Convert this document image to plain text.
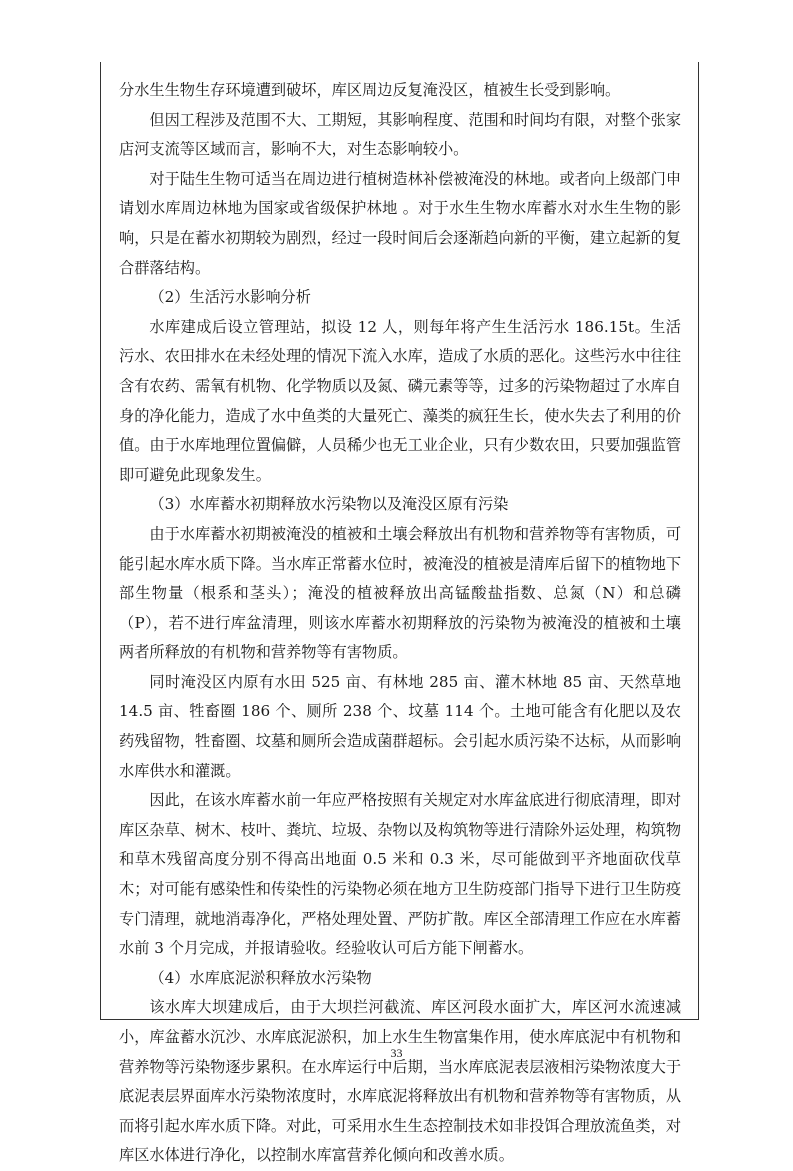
分水生生物生存环境遭到破坏，库区周边反复淹没区，植被生长受到影响。

但因工程涉及范围不大、工期短，其影响程度、范围和时间均有限，对整个张家店河支流等区域而言，影响不大，对生态影响较小。

对于陆生生物可适当在周边进行植树造林补偿被淹没的林地。或者向上级部门申请划水库周边林地为国家或省级保护林地 。对于水生生物水库蓄水对水生生物的影响，只是在蓄水初期较为剧烈，经过一段时间后会逐渐趋向新的平衡，建立起新的复合群落结构。

（2）生活污水影响分析

水库建成后设立管理站，拟设 12 人，则每年将产生生活污水 186.15t。生活污水、农田排水在未经处理的情况下流入水库，造成了水质的恶化。这些污水中往往含有农药、需氧有机物、化学物质以及氮、磷元素等等，过多的污染物超过了水库自身的净化能力，造成了水中鱼类的大量死亡、藻类的疯狂生长，使水失去了利用的价值。由于水库地理位置偏僻，人员稀少也无工业企业，只有少数农田，只要加强监管即可避免此现象发生。

（3）水库蓄水初期释放水污染物以及淹没区原有污染

由于水库蓄水初期被淹没的植被和土壤会释放出有机物和营养物等有害物质，可能引起水库水质下降。当水库正常蓄水位时，被淹没的植被是清库后留下的植物地下部生物量（根系和茎头）；淹没的植被释放出高锰酸盐指数、总氮（N）和总磷（P），若不进行库盆清理，则该水库蓄水初期释放的污染物为被淹没的植被和土壤两者所释放的有机物和营养物等有害物质。

同时淹没区内原有水田 525 亩、有林地 285 亩、灌木林地 85 亩、天然草地 14.5 亩、牲畜圈 186 个、厕所 238 个、坟墓 114 个。土地可能含有化肥以及农药残留物，牲畜圈、坟墓和厕所会造成菌群超标。会引起水质污染不达标，从而影响水库供水和灌溉。

因此，在该水库蓄水前一年应严格按照有关规定对水库盆底进行彻底清理，即对库区杂草、树木、枝叶、粪坑、垃圾、杂物以及构筑物等进行清除外运处理，构筑物和草木残留高度分别不得高出地面 0.5 米和 0.3 米，尽可能做到平齐地面砍伐草木；对可能有感染性和传染性的污染物必须在地方卫生防疫部门指导下进行卫生防疫专门清理，就地消毒净化，严格处理处置、严防扩散。库区全部清理工作应在水库蓄水前 3 个月完成，并报请验收。经验收认可后方能下闸蓄水。

（4）水库底泥淤积释放水污染物

该水库大坝建成后，由于大坝拦河截流、库区河段水面扩大，库区河水流速减小，库盆蓄水沉沙、水库底泥淤积，加上水生生物富集作用，使水库底泥中有机物和营养物等污染物逐步累积。在水库运行中后期，当水库底泥表层液相污染物浓度大于底泥表层界面库水污染物浓度时，水库底泥将释放出有机物和营养物等有害物质，从而将引起水库水质下降。对此，可采用水生生态控制技术如非投饵合理放流鱼类，对库区水体进行净化，以控制水库富营养化倾向和改善水质。

33
